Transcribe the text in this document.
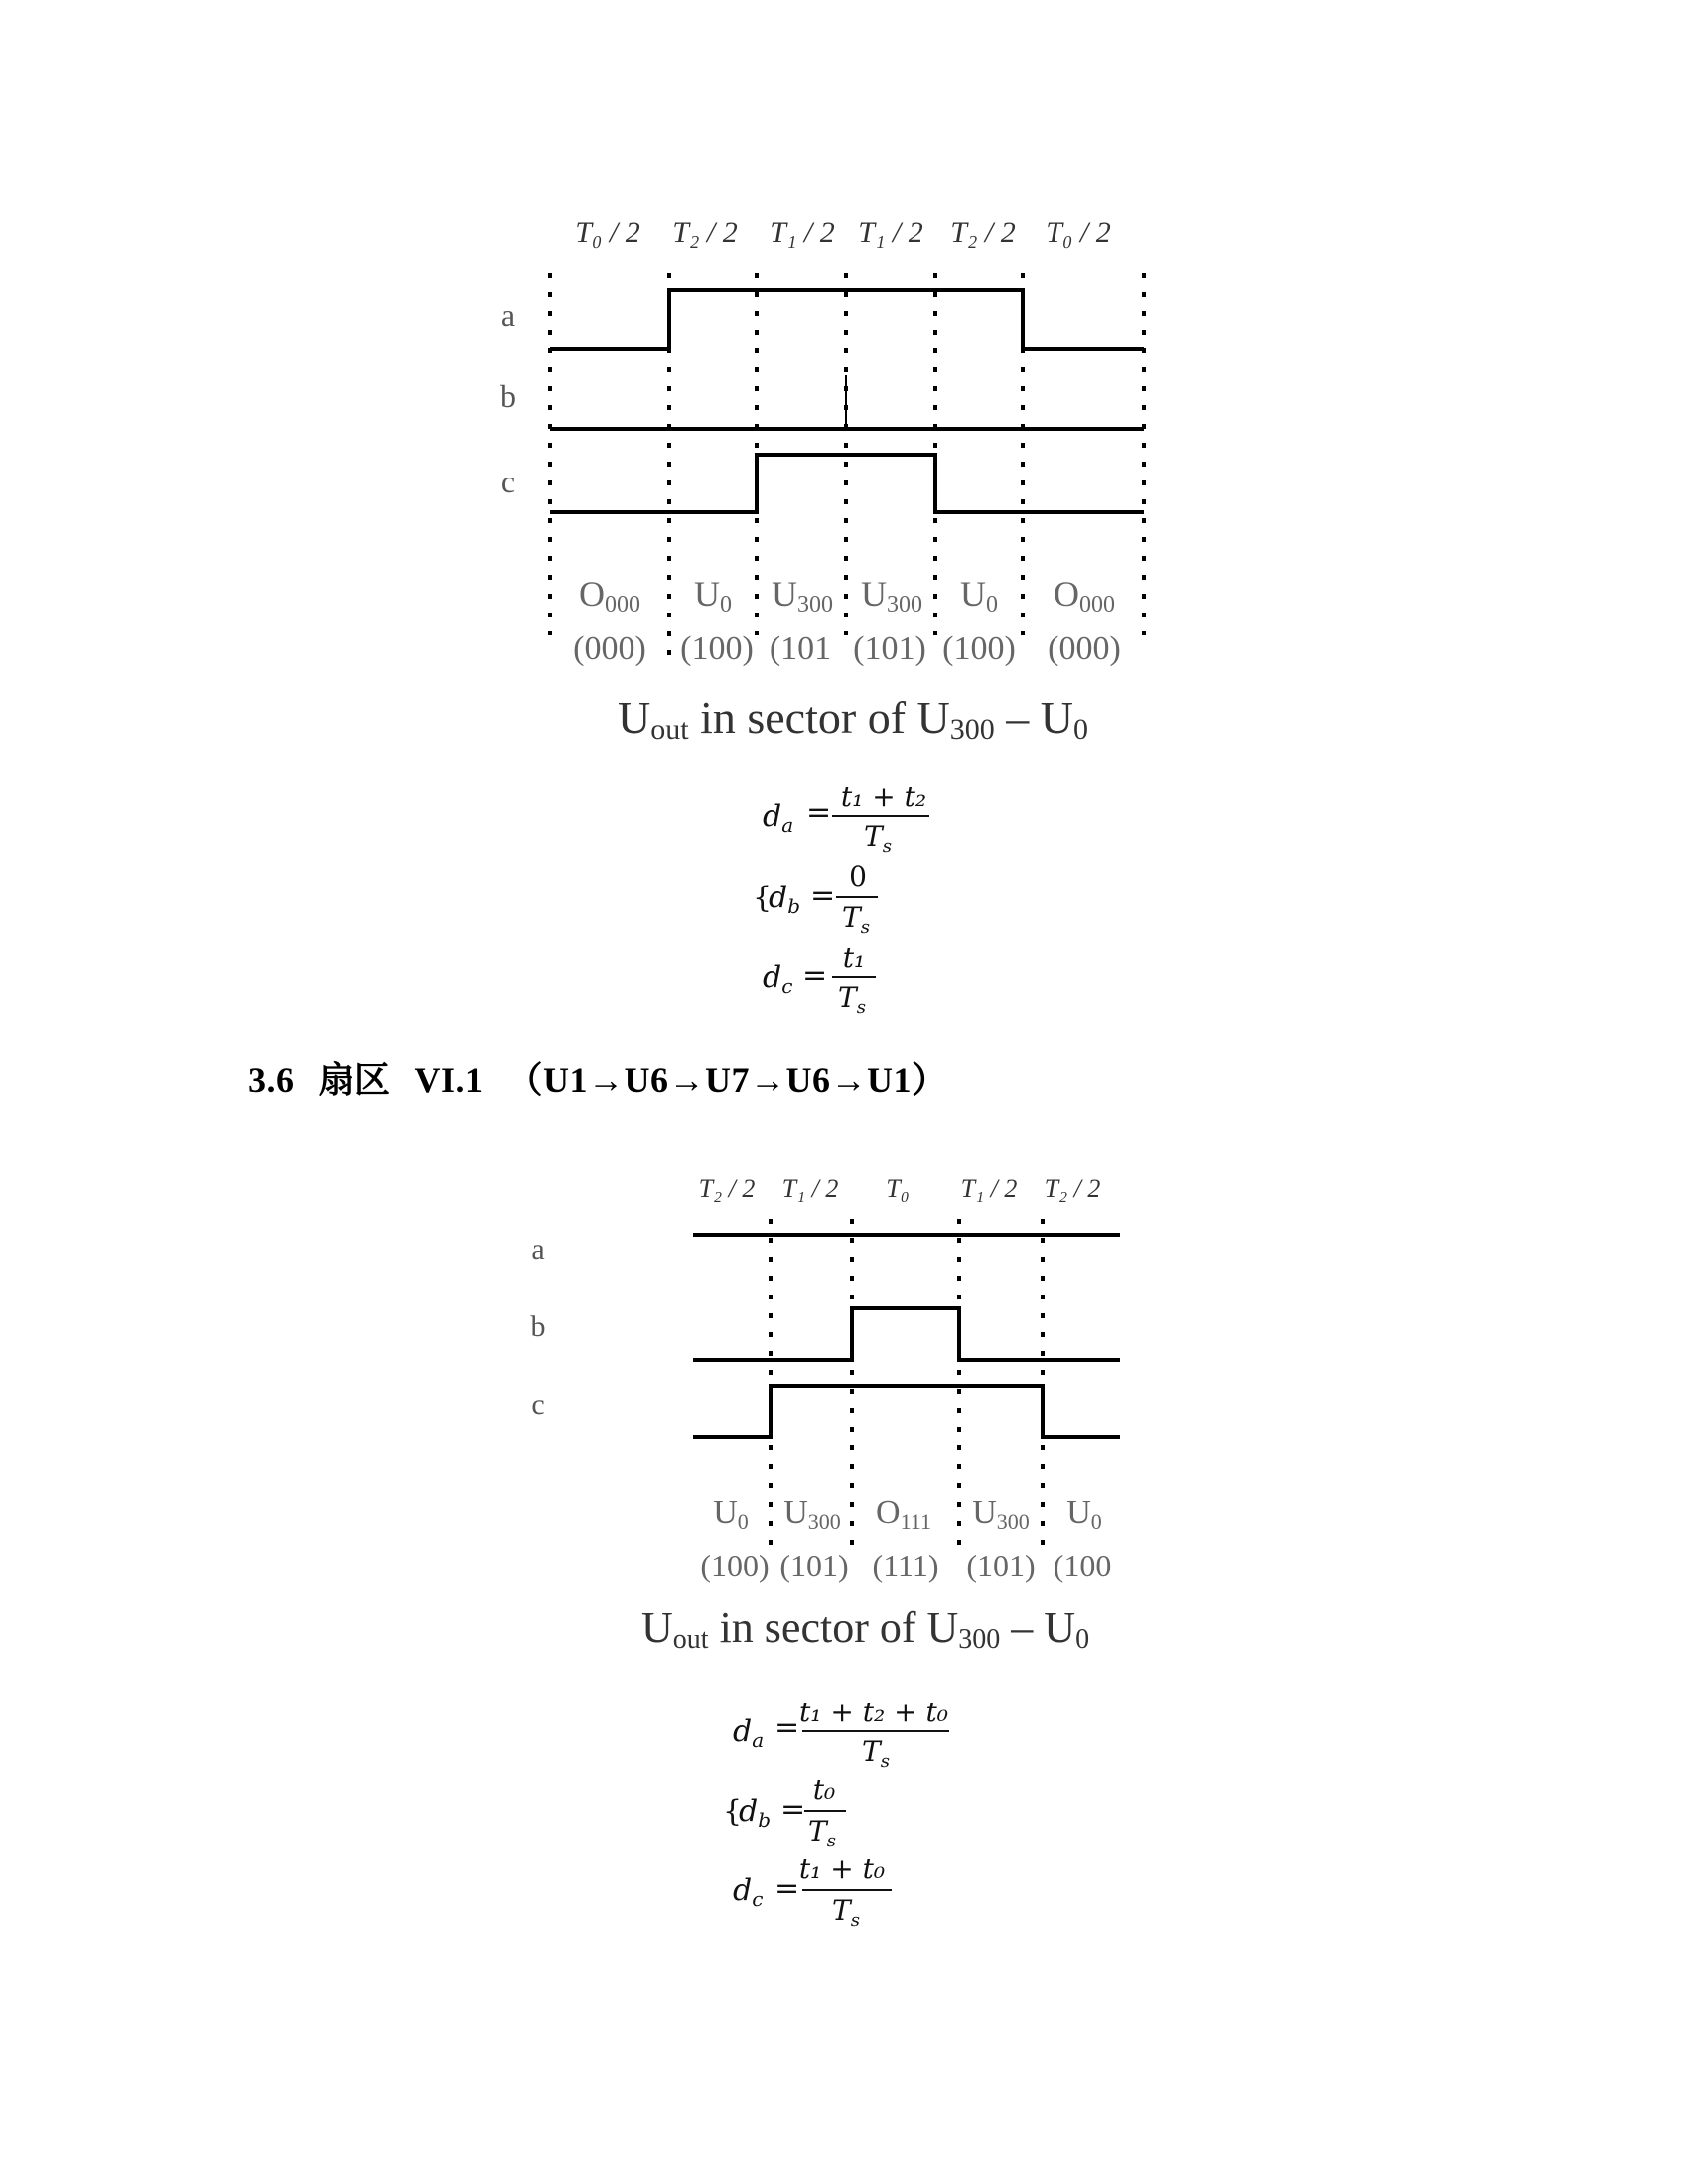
T₀ / 2 T₂ / 2 T₁ / 2 T₁ / 2 T₂ / 2 T₀ / 2
a
b
c
O000 U0 U300 U300 U0 O000
(000) (100) (101 (101) (100) (000)
Uout in sector of U300 – U0
$d_a = t_1 + t_2$
$T_s$
{
$d_b$ =
0
$T_s$
$d_c$ =
t₁
$T_s$
T₂ / 2 T₁ / 2 T₀ T₁ / 2 T₂ / 2
a
b
c
U0 U300 O111 U300 U0
(100) (101) (111) (101) (100
Uout in sector of U300 – U0
$d_a = t_1 + t_2 + t_0$
$T_s$
{
$d_b$ =
t₀
$T_s$
$d_c$ =
t₁ + t₀
$T_s$
3.6 扇区 VI.1 （U1→U6→U7→U6→U1）
